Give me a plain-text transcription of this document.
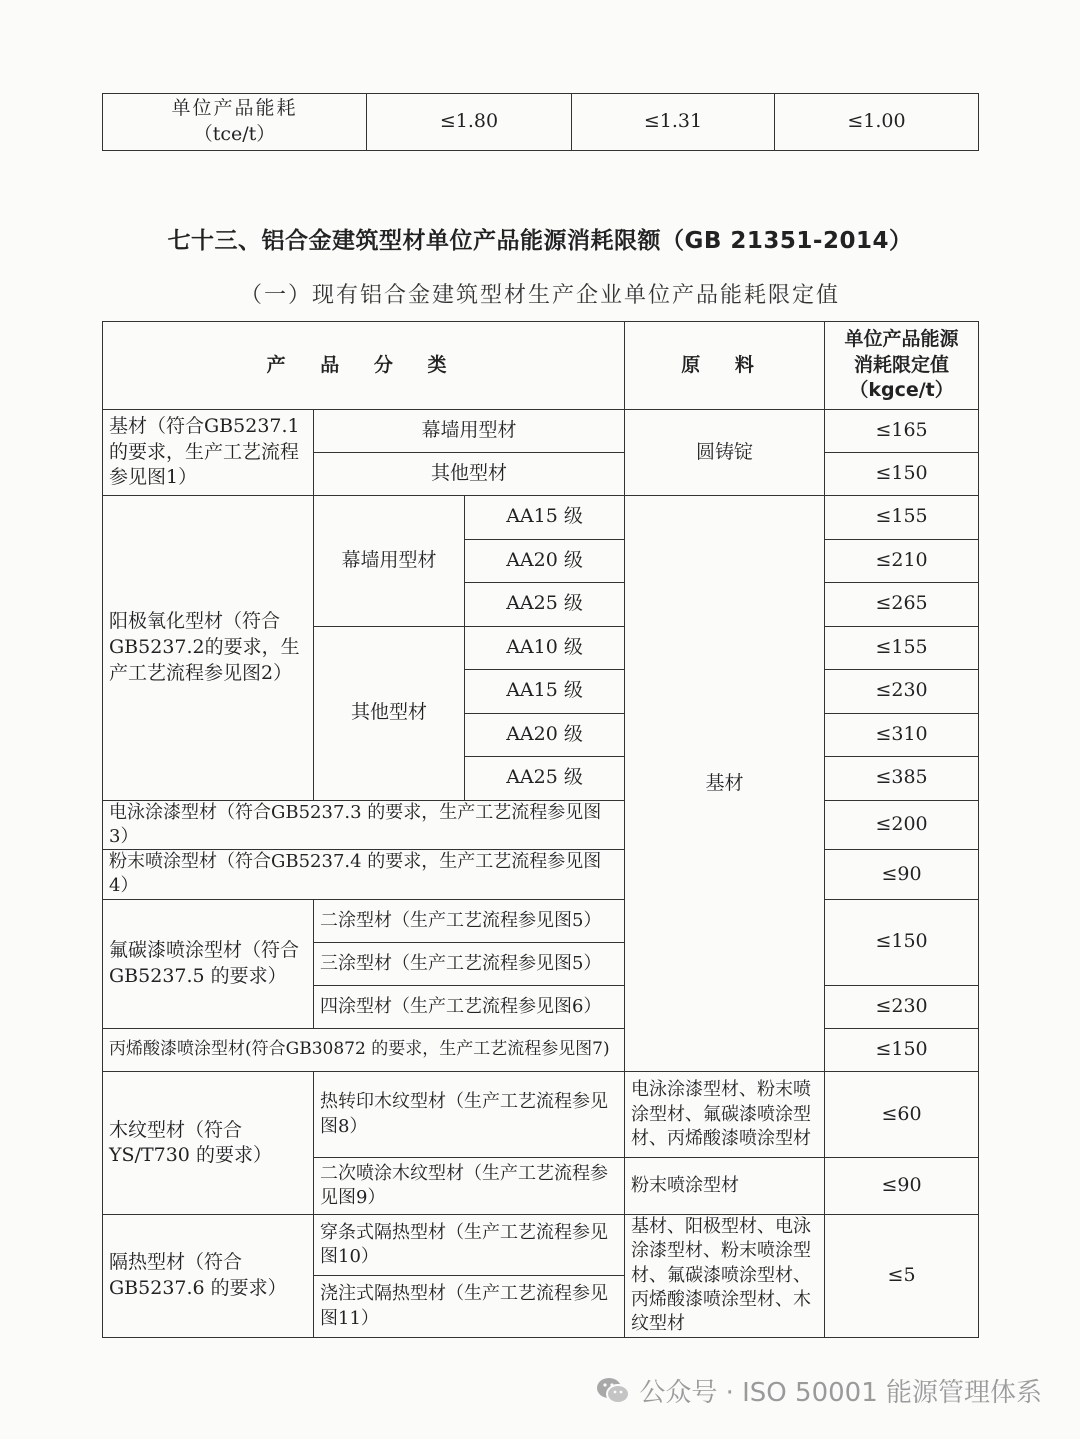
单位产品能耗
（tce/t）
	≤1.80	≤1.31	≤1.00
七十三、铝合金建筑型材单位产品能源消耗限额（GB 21351-2014）
（一）现有铝合金建筑型材生产企业单位产品能耗限定值
产 品 分 类			原 料	单位产品能源
消耗限定值
（kgce/t）

基材（符合GB5237.1的要求，生产工艺流程参见图1）	幕墙用型材		圆铸锭	≤165
	其他型材			≤150
阳极氧化型材（符合GB5237.2的要求，生产工艺流程参见图2）	幕墙用型材	AA15 级	基材	≤155
		AA20 级		≤210
		AA25 级		≤265
	其他型材	AA10 级		≤155
		AA15 级		≤230
		AA20 级		≤310
		AA25 级		≤385
电泳涂漆型材（符合GB5237.3 的要求，生产工艺流程参见图3）				≤200
粉末喷涂型材（符合GB5237.4 的要求，生产工艺流程参见图4）				≤90
氟碳漆喷涂型材（符合GB5237.5 的要求）	二涂型材（生产工艺流程参见图5）			≤150
	三涂型材（生产工艺流程参见图5）			
	四涂型材（生产工艺流程参见图6）			≤230
丙烯酸漆喷涂型材(符合GB30872 的要求，生产工艺流程参见图7)				≤150
木纹型材（符合YS/T730 的要求）	热转印木纹型材（生产工艺流程参见图8）		电泳涂漆型材、粉末喷涂型材、氟碳漆喷涂型材、丙烯酸漆喷涂型材	≤60
	二次喷涂木纹型材（生产工艺流程参见图9）		粉末喷涂型材	≤90
隔热型材（符合GB5237.6 的要求）	穿条式隔热型材（生产工艺流程参见图10）		基材、阳极型材、电泳涂漆型材、粉末喷涂型材、氟碳漆喷涂型材、丙烯酸漆喷涂型材、木纹型材	≤5
	浇注式隔热型材（生产工艺流程参见图11）			
公众号 · ISO 50001 能源管理体系
